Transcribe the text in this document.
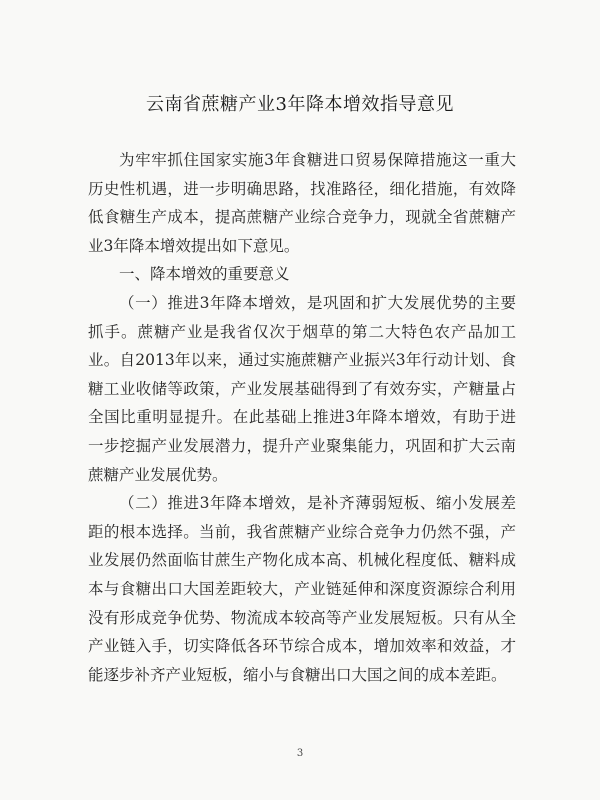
云南省蔗糖产业3年降本增效指导意见

为牢牢抓住国家实施3年食糖进口贸易保障措施这一重大历史性机遇，进一步明确思路，找准路径，细化措施，有效降低食糖生产成本，提高蔗糖产业综合竞争力，现就全省蔗糖产业3年降本增效提出如下意见。

一、降本增效的重要意义

（一）推进3年降本增效，是巩固和扩大发展优势的主要抓手。蔗糖产业是我省仅次于烟草的第二大特色农产品加工业。自2013年以来，通过实施蔗糖产业振兴3年行动计划、食糖工业收储等政策，产业发展基础得到了有效夯实，产糖量占全国比重明显提升。在此基础上推进3年降本增效，有助于进一步挖掘产业发展潜力，提升产业聚集能力，巩固和扩大云南蔗糖产业发展优势。

（二）推进3年降本增效，是补齐薄弱短板、缩小发展差距的根本选择。当前，我省蔗糖产业综合竞争力仍然不强，产业发展仍然面临甘蔗生产物化成本高、机械化程度低、糖料成本与食糖出口大国差距较大，产业链延伸和深度资源综合利用没有形成竞争优势、物流成本较高等产业发展短板。只有从全产业链入手，切实降低各环节综合成本，增加效率和效益，才能逐步补齐产业短板，缩小与食糖出口大国之间的成本差距。

3
